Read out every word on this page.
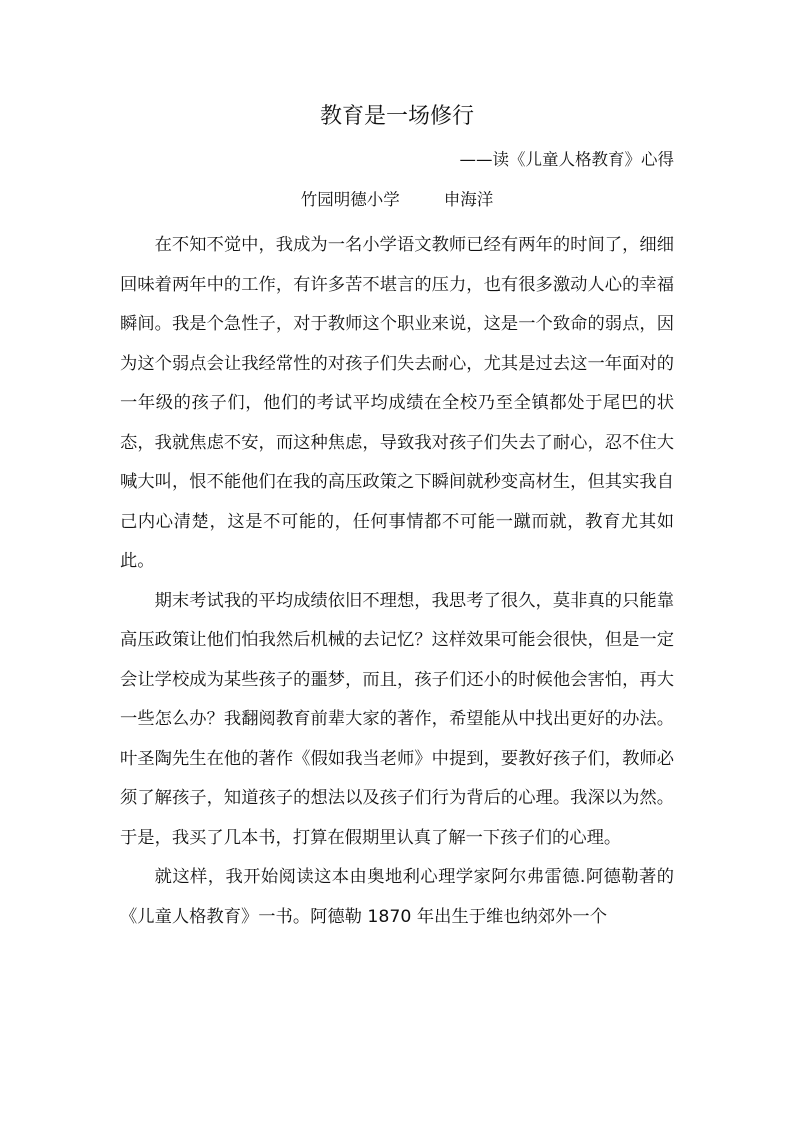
教育是一场修行
——读《儿童人格教育》心得
竹园明德小学	申海洋

在不知不觉中，我成为一名小学语文教师已经有两年的时间了，细细回味着两年中的工作，有许多苦不堪言的压力，也有很多激动人心的幸福瞬间。我是个急性子，对于教师这个职业来说，这是一个致命的弱点，因为这个弱点会让我经常性的对孩子们失去耐心，尤其是过去这一年面对的一年级的孩子们，他们的考试平均成绩在全校乃至全镇都处于尾巴的状态，我就焦虑不安，而这种焦虑，导致我对孩子们失去了耐心，忍不住大喊大叫，恨不能他们在我的高压政策之下瞬间就秒变高材生，但其实我自己内心清楚，这是不可能的，任何事情都不可能一蹴而就，教育尤其如此。

期末考试我的平均成绩依旧不理想，我思考了很久，莫非真的只能靠高压政策让他们怕我然后机械的去记忆？这样效果可能会很快，但是一定会让学校成为某些孩子的噩梦，而且，孩子们还小的时候他会害怕，再大一些怎么办？我翻阅教育前辈大家的著作，希望能从中找出更好的办法。叶圣陶先生在他的著作《假如我当老师》中提到，要教好孩子们，教师必须了解孩子，知道孩子的想法以及孩子们行为背后的心理。我深以为然。于是，我买了几本书，打算在假期里认真了解一下孩子们的心理。

就这样，我开始阅读这本由奥地利心理学家阿尔弗雷德.阿德勒著的《儿童人格教育》一书。阿德勒 1870 年出生于维也纳郊外一个
